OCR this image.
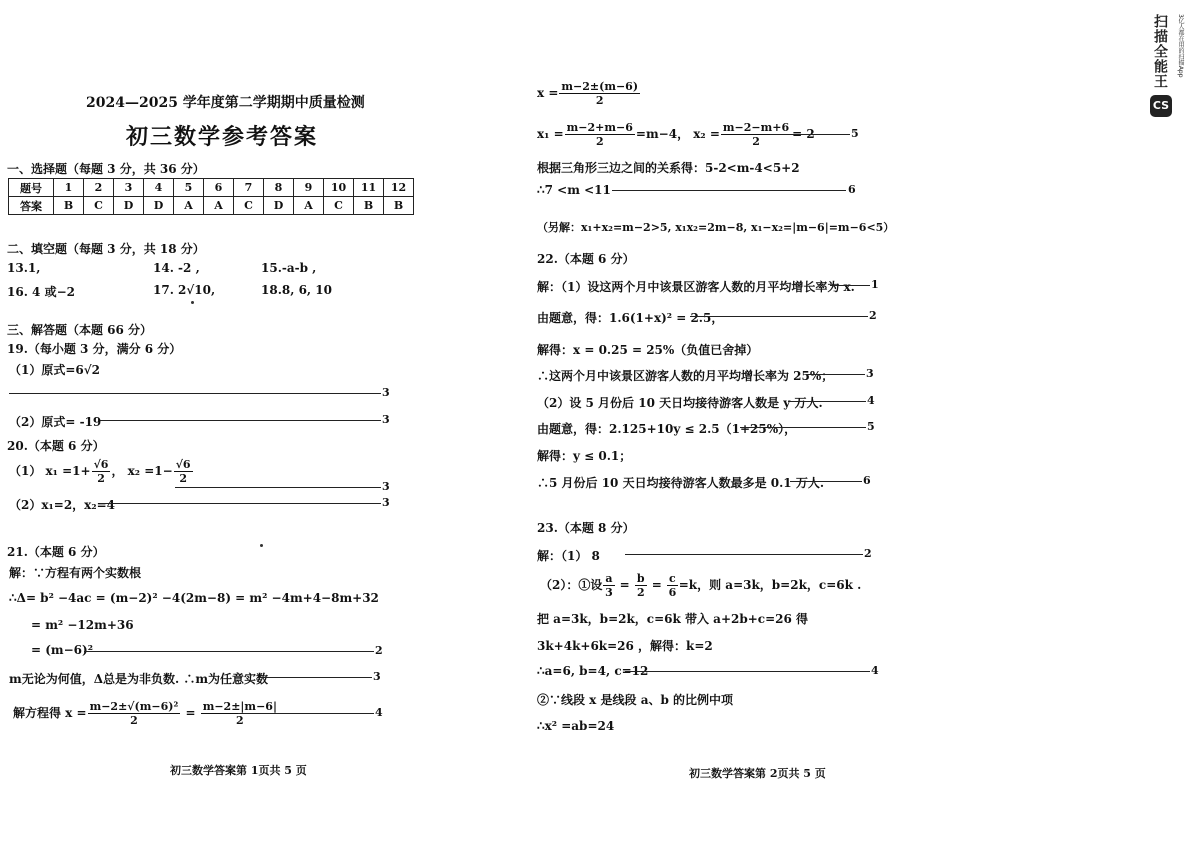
2024—2025 学年度第二学期期中质量检测
初三数学参考答案
一、选择题（每题 3 分，共 36 分）
题号	1	2	3	4	5	6	7	8	9	10	11	12
答案	B	C	D	D	A	A	C	D	A	C	B	B
二、填空题（每题 3 分，共 18 分）
13.1,	14. -2 ,	15.-a-b ,
16. 4 或−2	17. 2√10,	18.8, 6, 10
三、解答题（本题 66 分）
19.（每小题 3 分，满分 6 分）
（1）原式=6√2
3
（2）原式= -19	3
20.（本题 6 分）
（1） $x_1 =1+ \frac{√6}{2}$ ， $x_2 =1- \frac{√6}{2}$
3
（2）x₁=2，x₂=4	3
21.（本题 6 分）
解：∵方程有两个实数根
∴Δ= b² −4ac = (m−2)² −4(2m−8) = m² −4m+4−8m+32
= m² −12m+36
= (m−6)²	2
m无论为何值，Δ总是为非负数. ∴m为任意实数	3
解方程得 $x = \frac{\text{m−2±√(m−6)²}}{2} = \frac{m-2\pm|m-6|}{2}$	4
初三数学答案第 1页共 5 页
$x = \frac{m-2\pm(m-6)}{2}$
$x_1 = \frac{m-2+m-6}{2} =m-4$， $x_2 = \frac{m-2-m+6}{2} = 2$	5
根据三角形三边之间的关系得：5-2<m-4<5+2
∴7 <m <11	6
（另解：x₁+x₂=m−2>5, x₁x₂=2m−8, x₁−x₂=|m−6|=m−6<5）
22.（本题 6 分）
解：（1）设这两个月中该景区游客人数的月平均增长率为 x. 1
由题意，得：1.6(1+x)² = 2.5，	2
解得：x = 0.25 = 25%（负值已舍掉）
∴这两个月中该景区游客人数的月平均增长率为 25%；	3
（2）设 5 月份后 10 天日均接待游客人数是 y 万人.	4
由题意，得：2.125+10y ≤ 2.5（1+25%），	5
解得：y ≤ 0.1；
∴5 月份后 10 天日均接待游客人数最多是 0.1 万人.	6
23.（本题 8 分）
解：（1） 8	2
（2）：①设 $\frac{a}{3} = \frac{b}{2} = \frac{c}{6} =k$，则 a=3k，b=2k，c=6k .
把 a=3k，b=2k，c=6k 带入 a+2b+c=26 得
3k+4k+6k=26 ，解得：k=2
∴a=6, b=4, c=12	4
②∵线段 x 是线段 a、b 的比例中项
∴x² =ab=24
初三数学答案第 2页共 5 页
CS
扫描全能王	3亿人都在用的扫描App
